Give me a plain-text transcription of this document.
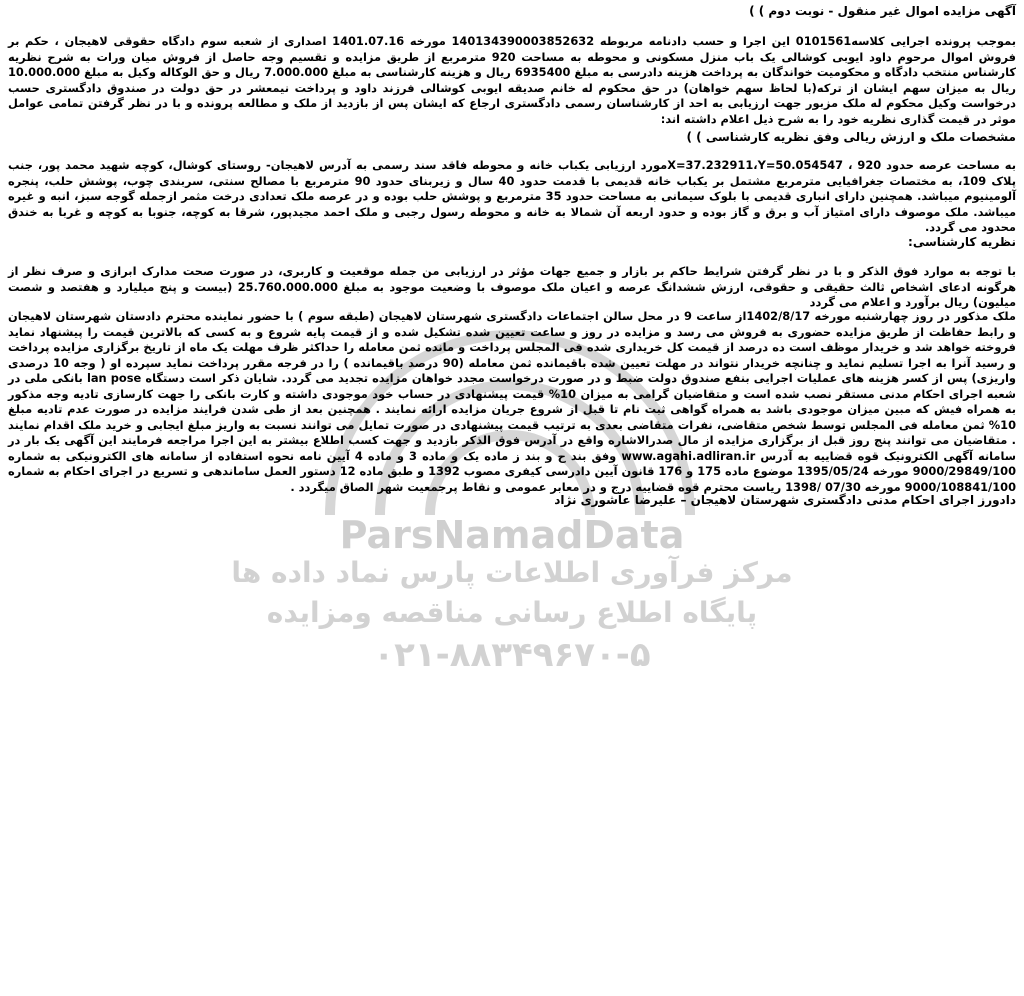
ParsNamadData
مرکز فرآوری اطلاعات پارس نماد داده ها
پایگاه اطلاع رسانی مناقصه ومزایده
۰۲۱-۸۸۳۴۹۶۷۰-۵
آگهی مزایده اموال غیر منقول - نوبت دوم ) )
بموجب پرونده اجرایی کلاسه0101561 این اجرا و حسب دادنامه مربوطه 140134390003852632 مورخه 1401.07.16 اصداری از شعبه سوم دادگاه حقوقی لاهیجان ، حکم بر فروش اموال مرحوم داود ایوبی کوشالی یک باب منزل مسکونی و محوطه به مساحت 920 مترمربع از طریق مزایده و تقسیم وجه حاصل از فروش میان ورات به شرح نظریه کارشناس منتخب دادگاه و محکومیت خواندگان به پرداخت هزینه دادرسی به مبلغ 6935400 ریال و هزینه کارشناسی به مبلغ 7.000.000 ریال و حق الوکاله وکیل به مبلغ 10.000.000 ریال به میزان سهم ایشان از ترکه(با لحاظ سهم خواهان) در حق محکوم له خانم صدیقه ایوبی کوشالی فرزند داود و پرداخت نیمعشر در حق دولت در صندوق دادگستری حسب درخواست وکیل محکوم له ملک مزبور جهت ارزیابی به احد از کارشناسان رسمی دادگستری ارجاع که ایشان پس از بازدید از ملک و مطالعه پرونده و با در نظر گرفتن تمامی عوامل موثر در قیمت گذاری نظریه خود را به شرح ذیل اعلام داشته اند:
مشخصات ملک و ارزش ریالی وفق نظریه کارشناسی ) )
به مساحت عرصه حدود 920 ، X=37.232911،Y=50.054547مورد ارزیابی یکباب خانه و محوطه فاقد سند رسمی به آدرس لاهیجان- روستای کوشال، کوچه شهید محمد پور، جنب پلاک 109، به مختصات جغرافیایی مترمربع مشتمل بر یکباب خانه قدیمی با قدمت حدود 40 سال و زیربنای حدود 90 مترمربع با مصالح سنتی، سربندی چوب، پوشش حلب، پنجره آلومینیوم میباشد. همچنین دارای انباری قدیمی با بلوک سیمانی به مساحت حدود 35 مترمربع و پوشش حلب بوده و در عرصه ملک تعدادی درخت مثمر ازجمله گوجه سبز، انبه و غیره میباشد. ملک موصوف دارای امتیاز آب و برق و گاز بوده و حدود اربعه آن شمالا به خانه و محوطه رسول رجبی و ملک احمد مجیدپور، شرقا به کوچه، جنوبا به کوچه و غربا به خندق محدود می گردد.
نظریه کارشناسی:
با توجه به موارد فوق الذکر و با در نظر گرفتن شرایط حاکم بر بازار و جمیع جهات مؤثر در ارزیابی من جمله موقعیت و کاربری، در صورت صحت مدارک ابرازی و صرف نظر از هرگونه ادعای اشخاص ثالث حقیقی و حقوقی، ارزش ششدانگ عرصه و اعیان ملک موصوف با وضعیت موجود به مبلغ 25.760.000.000 (بیست و پنج میلیارد و هفتصد و شصت میلیون) ریال برآورد و اعلام می گردد
ملک مذکور در روز چهارشنبه مورخه 1402/8/17از ساعت 9 در محل سالن اجتماعات دادگستری شهرستان لاهیجان (طبقه سوم ) با حضور نماینده محترم دادستان شهرستان لاهیجان و رابط حفاظت از طریق مزایده حضوری به فروش می رسد و مزایده در روز و ساعت تعیین شده تشکیل شده و از قیمت پایه شروع و به کسی که بالاترین قیمت را پیشنهاد نماید فروخته خواهد شد و خریدار موظف است ده درصد از قیمت کل خریداری شده فی المجلس پرداخت و مانده ثمن معامله را حداکثر ظرف مهلت یک ماه از تاریخ برگزاری مزایده پرداخت و رسید آنرا به اجرا تسلیم نماید و چنانچه خریدار نتواند در مهلت تعیین شده باقیمانده ثمن معامله (90 درصد باقیمانده ) را در فرجه مقرر پرداخت نماید سپرده او ( وجه 10 درصدی واریزی) پس از کسر هزینه های عملیات اجرایی بنفع صندوق دولت ضبط و در صورت درخواست مجدد خواهان مزایده تجدید می گردد. شایان ذکر است دستگاه lan pose بانکی ملی در شعبه اجرای احکام مدنی مستقر نصب شده است و متقاضیان گرامی به میزان 10% قیمت پیشنهادی در حساب خود موجودی داشته و کارت بانکی را جهت کارسازی تادیه وجه مذکور به همراه فیش که مبین میزان موجودی باشد به همراه گواهی ثبت نام تا قبل از شروع جریان مزایده ارائه نمایند . همچنین بعد از طی شدن فرایند مزایده در صورت عدم تادیه مبلغ 10% ثمن معامله فی المجلس توسط شخص متقاضی، نفرات متقاضی بعدی به ترتیب قیمت پیشنهادی در صورت تمایل می توانند نسبت به واریز مبلغ ایجابی و خرید ملک اقدام نمایند . متقاضیان می توانند پنج روز قبل از برگزاری مزایده از مال صدرالاشاره واقع در آدرس فوق الذکر بازدید و جهت کسب اطلاع بیشتر به این اجرا مراجعه فرمایند این آگهی یک بار در سامانه آگهی الکترونیک قوه قضاییه به آدرس www.agahi.adliran.ir وفق بند ح و بند ز ماده یک و ماده 3 و ماده 4 آیین نامه نحوه استفاده از سامانه های الکترونیکی به شماره 9000/29849/100 مورخه 1395/05/24 موضوع ماده 175 و 176 قانون آیین دادرسی کیفری مصوب 1392 و طبق ماده 12 دستور العمل ساماندهی و تسریع در اجرای احکام به شماره 9000/108841/100 مورخه 07/30 /1398 ریاست محترم قوه قضاییه درج و در معابر عمومی و نقاط پرجمعیت شهر الصاق میگردد .
دادورز اجرای احکام مدنی دادگستری شهرستان لاهیجان – علیرضا عاشوری نژاد
